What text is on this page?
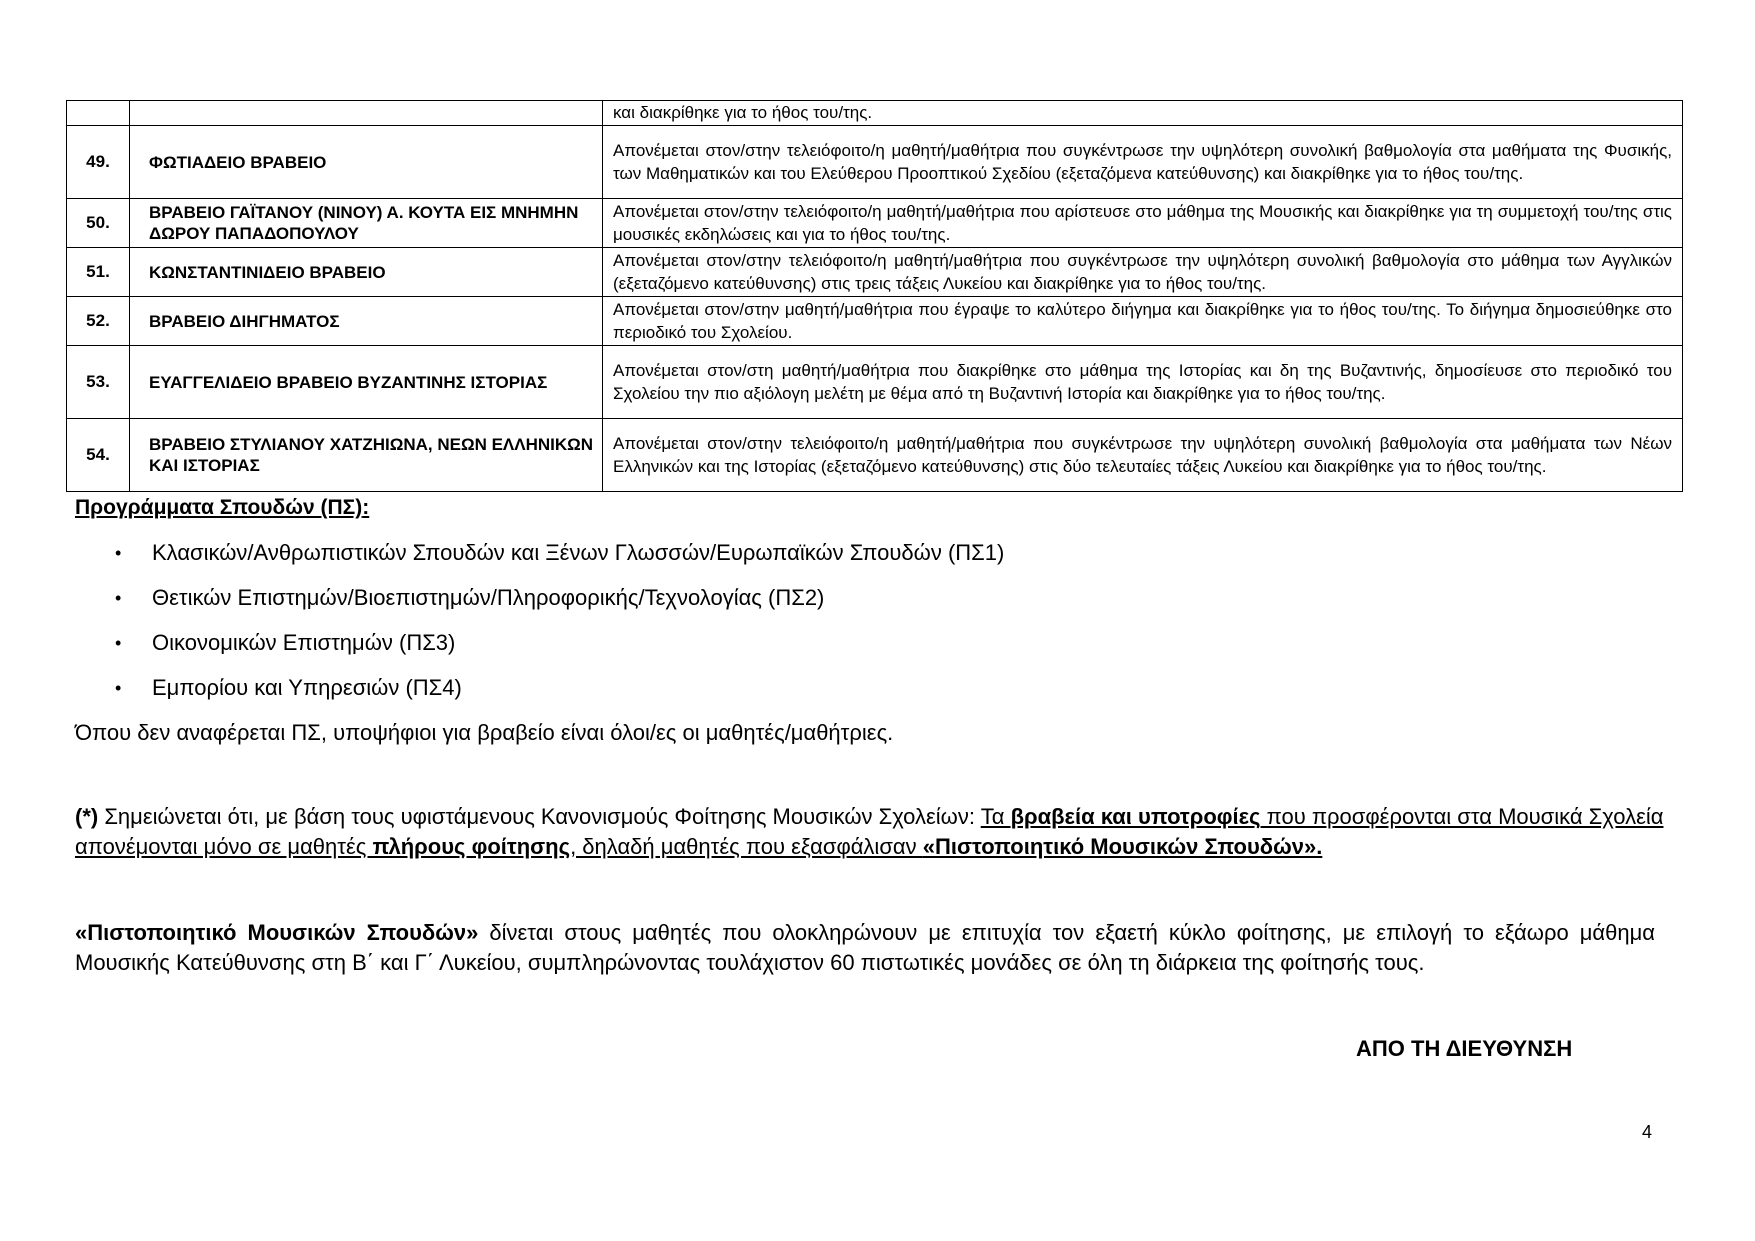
		και διακρίθηκε για το ήθος του/της.
49.	ΦΩΤΙΑΔΕΙΟ ΒΡΑΒΕΙΟ	Απονέμεται στον/στην τελειόφοιτο/η μαθητή/μαθήτρια που συγκέντρωσε την υψηλότερη συνολική βαθμολογία στα μαθήματα της Φυσικής, των Μαθηματικών και του Ελεύθερου Προοπτικού Σχεδίου (εξεταζόμενα κατεύθυνσης) και διακρίθηκε για το ήθος του/της.
50.	ΒΡΑΒΕΙΟ ΓΑΪΤΑΝΟΥ (ΝΙΝΟΥ) Α. ΚΟΥΤΑ ΕΙΣ ΜΝΗΜΗΝ ΔΩΡΟΥ ΠΑΠΑΔΟΠΟΥΛΟΥ	Απονέμεται στον/στην τελειόφοιτο/η μαθητή/μαθήτρια που αρίστευσε στο μάθημα της Μουσικής και διακρίθηκε για τη συμμετοχή του/της στις μουσικές εκδηλώσεις και για το ήθος του/της.
51.	ΚΩΝΣΤΑΝΤΙΝΙΔΕΙΟ ΒΡΑΒΕΙΟ	Απονέμεται στον/στην τελειόφοιτο/η μαθητή/μαθήτρια που συγκέντρωσε την υψηλότερη συνολική βαθμολογία στο μάθημα των Αγγλικών (εξεταζόμενο κατεύθυνσης) στις τρεις τάξεις Λυκείου και διακρίθηκε για το ήθος του/της.
52.	ΒΡΑΒΕΙΟ ΔΙΗΓΗΜΑΤΟΣ	Απονέμεται στον/στην μαθητή/μαθήτρια που έγραψε το καλύτερο διήγημα και διακρίθηκε για το ήθος του/της. Το διήγημα δημοσιεύθηκε στο περιοδικό του Σχολείου.
53.	ΕΥΑΓΓΕΛΙΔΕΙΟ ΒΡΑΒΕΙΟ ΒΥΖΑΝΤΙΝΗΣ ΙΣΤΟΡΙΑΣ	Απονέμεται στον/στη μαθητή/μαθήτρια που διακρίθηκε στο μάθημα της Ιστορίας και δη της Βυζαντινής, δημοσίευσε στο περιοδικό του Σχολείου την πιο αξιόλογη μελέτη με θέμα από τη Βυζαντινή Ιστορία και διακρίθηκε για το ήθος του/της.
54.	ΒΡΑΒΕΙΟ ΣΤΥΛΙΑΝΟΥ ΧΑΤΖΗΙΩΝΑ, ΝΕΩΝ ΕΛΛΗΝΙΚΩΝ ΚΑΙ ΙΣΤΟΡΙΑΣ	Απονέμεται στον/στην τελειόφοιτο/η μαθητή/μαθήτρια που συγκέντρωσε την υψηλότερη συνολική βαθμολογία στα μαθήματα των Νέων Ελληνικών και της Ιστορίας (εξεταζόμενο κατεύθυνσης) στις δύο τελευταίες τάξεις Λυκείου και διακρίθηκε για το ήθος του/της.
Προγράμματα Σπουδών (ΠΣ):
• Κλασικών/Ανθρωπιστικών Σπουδών και Ξένων Γλωσσών/Ευρωπαϊκών Σπουδών (ΠΣ1)
• Θετικών Επιστημών/Βιοεπιστημών/Πληροφορικής/Τεχνολογίας (ΠΣ2)
• Οικονομικών Επιστημών (ΠΣ3)
• Εμπορίου και Υπηρεσιών (ΠΣ4)
Όπου δεν αναφέρεται ΠΣ, υποψήφιοι για βραβείο είναι όλοι/ες οι μαθητές/μαθήτριες.
(*) Σημειώνεται ότι, με βάση τους υφιστάμενους Κανονισμούς Φοίτησης Μουσικών Σχολείων: Τα βραβεία και υποτροφίες που προσφέρονται στα Μουσικά Σχολεία απονέμονται μόνο σε μαθητές πλήρους φοίτησης, δηλαδή μαθητές που εξασφάλισαν «Πιστοποιητικό Μουσικών Σπουδών».
«Πιστοποιητικό Μουσικών Σπουδών» δίνεται στους μαθητές που ολοκληρώνουν με επιτυχία τον εξαετή κύκλο φοίτησης, με επιλογή το εξάωρο μάθημα Μουσικής Κατεύθυνσης στη Β΄ και Γ΄ Λυκείου, συμπληρώνοντας τουλάχιστον 60 πιστωτικές μονάδες σε όλη τη διάρκεια της φοίτησής τους.
ΑΠΟ ΤΗ ΔΙΕΥΘΥΝΣΗ
4
